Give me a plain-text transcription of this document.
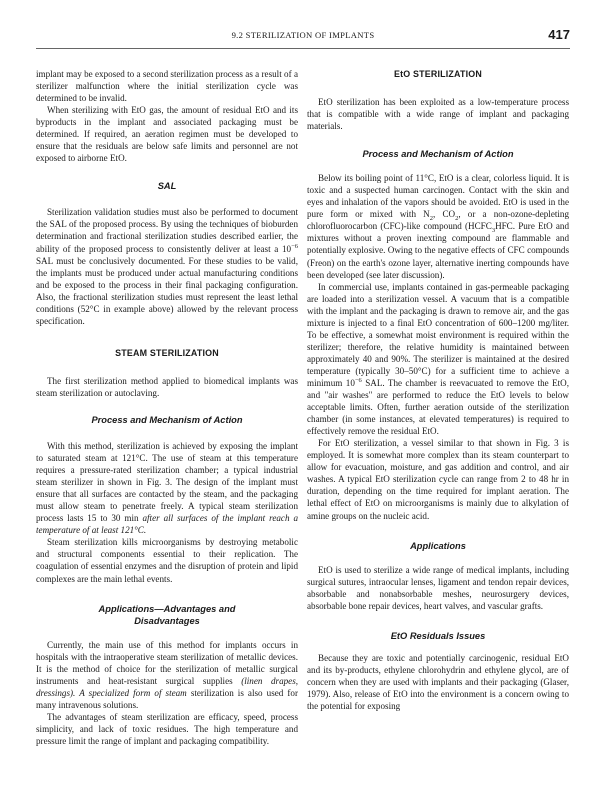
9.2 STERILIZATION OF IMPLANTS	417

implant may be exposed to a second sterilization process as a result of a sterilizer malfunction where the initial sterilization cycle was determined to be invalid.

When sterilizing with EtO gas, the amount of residual EtO and its byproducts in the implant and associated packaging must be determined. If required, an aeration regimen must be developed to ensure that the residuals are below safe limits and personnel are not exposed to airborne EtO.

SAL

Sterilization validation studies must also be performed to document the SAL of the proposed process. By using the techniques of bioburden determination and fractional sterilization studies described earlier, the ability of the proposed process to consistently deliver at least a $10^{-6}$ SAL must be conclusively documented. For these studies to be valid, the implants must be produced under actual manufacturing conditions and be exposed to the process in their final packaging configuration. Also, the fractional sterilization studies must represent the least lethal conditions (52°C in example above) allowed by the relevant process specification.

STEAM STERILIZATION

The first sterilization method applied to biomedical implants was steam sterilization or autoclaving.

Process and Mechanism of Action

With this method, sterilization is achieved by exposing the implant to saturated steam at 121°C. The use of steam at this temperature requires a pressure-rated sterilization chamber; a typical industrial steam sterilizer in shown in Fig. 3. The design of the implant must ensure that all surfaces are contacted by the steam, and the packaging must allow steam to penetrate freely. A typical steam sterilization process lasts 15 to 30 min after all surfaces of the implant reach a temperature of at least 121°C.

Steam sterilization kills microorganisms by destroying metabolic and structural components essential to their replication. The coagulation of essential enzymes and the disruption of protein and lipid complexes are the main lethal events.

Applications—Advantages and
Disadvantages

Currently, the main use of this method for implants occurs in hospitals with the intraoperative steam sterilization of metallic devices. It is the method of choice for the sterilization of metallic surgical instruments and heat-resistant surgical supplies (linen drapes, dressings). A specialized form of steam sterilization is also used for many intravenous solutions.

The advantages of steam sterilization are efficacy, speed, process simplicity, and lack of toxic residues. The high temperature and pressure limit the range of implant and packaging compatibility.

EtO STERILIZATION

EtO sterilization has been exploited as a low-temperature process that is compatible with a wide range of implant and packaging materials.

Process and Mechanism of Action

Below its boiling point of 11°C, EtO is a clear, colorless liquid. It is toxic and a suspected human carcinogen. Contact with the skin and eyes and inhalation of the vapors should be avoided. EtO is used in the pure form or mixed with $N_2$, $CO_2$, or a non-ozone-depleting chlorofluorocarbon (CFC)-like compound ($HCFC_3HFC$. Pure EtO and mixtures without a proven inexting compound are flammable and potentially explosive. Owing to the negative effects of CFC compounds (Freon) on the earth's ozone layer, alternative inerting compounds have been developed (see later discussion).

In commercial use, implants contained in gas-permeable packaging are loaded into a sterilization vessel. A vacuum that is a compatible with the implant and the packaging is drawn to remove air, and the gas mixture is injected to a final EtO concentration of 600–1200 mg/liter. To be effective, a somewhat moist environment is required within the sterilizer; therefore, the relative humidity is maintained between approximately 40 and 90%. The sterilizer is maintained at the desired temperature (typically 30–50°C) for a sufficient time to achieve a minimum $10^{-6}$ SAL. The chamber is reevacuated to remove the EtO, and "air washes" are performed to reduce the EtO levels to below acceptable limits. Often, further aeration outside of the sterilization chamber (in some instances, at elevated temperatures) is required to effectively remove the residual EtO.

For EtO sterilization, a vessel similar to that shown in Fig. 3 is employed. It is somewhat more complex than its steam counterpart to allow for evacuation, moisture, and gas addition and control, and air washes. A typical EtO sterilization cycle can range from 2 to 48 hr in duration, depending on the time required for implant aeration. The lethal effect of EtO on microorganisms is mainly due to alkylation of amine groups on the nucleic acid.

Applications

EtO is used to sterilize a wide range of medical implants, including surgical sutures, intraocular lenses, ligament and tendon repair devices, absorbable and nonabsorbable meshes, neurosurgery devices, absorbable bone repair devices, heart valves, and vascular grafts.

EtO Residuals Issues

Because they are toxic and potentially carcinogenic, residual EtO and its by-products, ethylene chlorohydrin and ethylene glycol, are of concern when they are used with implants and their packaging (Glaser, 1979). Also, release of EtO into the environment is a concern owing to the potential for exposing
